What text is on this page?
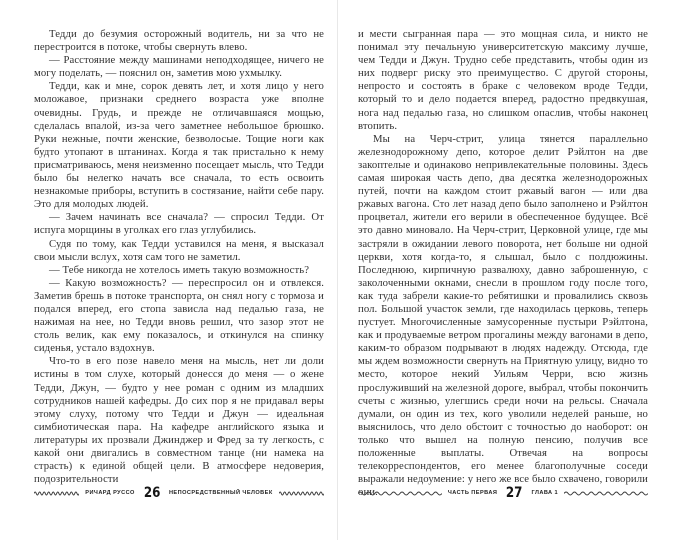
Тедди до безумия осторожный водитель, ни за что не перестроится в потоке, чтобы свернуть влево.

— Расстояние между машинами неподходящее, ничего не могу поделать, — пояснил он, заметив мою ухмылку.

Тедди, как и мне, сорок девять лет, и хотя лицо у него моложавое, признаки среднего возраста уже вполне очевидны. Грудь, и прежде не отличавшаяся мощью, сделалась впалой, из-за чего заметнее небольшое брюшко. Руки нежные, почти женские, безволосые. Тощие ноги как будто утопают в штанинах. Когда я так пристально к нему присматриваюсь, меня неизменно посещает мысль, что Тедди было бы нелегко начать все сначала, то есть освоить незнакомые приборы, вступить в состязание, найти себе пару. Это для молодых людей.

— Зачем начинать все сначала? — спросил Тедди. От испуга морщины в уголках его глаз углубились.

Судя по тому, как Тедди уставился на меня, я высказал свои мысли вслух, хотя сам того не заметил.

— Тебе никогда не хотелось иметь такую возможность?

— Какую возможность? — переспросил он и отвлекся. Заметив брешь в потоке транспорта, он снял ногу с тормоза и подался вперед, его стопа зависла над педалью газа, не нажимая на нее, но Тедди вновь решил, что зазор этот не столь велик, как ему показалось, и откинулся на спинку сиденья, устало вздохнув.

Что-то в его позе навело меня на мысль, нет ли доли истины в том слухе, который донесся до меня — о жене Тедди, Джун, — будто у нее роман с одним из младших сотрудников нашей кафедры. До сих пор я не придавал веры этому слуху, потому что Тедди и Джун — идеальная симбиотическая пара. На кафедре английского языка и литературы их прозвали Джинджер и Фред за ту легкость, с какой они двигались в совместном танце (ни намека на страсть) к единой общей цели. В атмосфере недоверия, подозрительности

РИЧАРД РУССО 26 НЕПОСРЕДСТВЕННЫЙ ЧЕЛОВЕК

и мести сыгранная пара — это мощная сила, и никто не понимал эту печальную университетскую максиму лучше, чем Тедди и Джун. Трудно себе представить, чтобы один из них подверг риску это преимущество. С другой стороны, непросто и состоять в браке с человеком вроде Тедди, который то и дело подается вперед, радостно предвкушая, нога над педалью газа, но слишком опаслив, чтобы наконец втопить.

Мы на Черч-стрит, улица тянется параллельно железнодорожному депо, которое делит Рэйлтон на две закоптелые и одинаково непривлекательные половины. Здесь самая широкая часть депо, два десятка железнодорожных путей, почти на каждом стоит ржавый вагон — или два ржавых вагона. Сто лет назад депо было заполнено и Рэйлтон процветал, жители его верили в обеспеченное будущее. Всё это давно миновало. На Черч-стрит, Церковной улице, где мы застряли в ожидании левого поворота, нет больше ни одной церкви, хотя когда-то, я слышал, было с полдюжины. Последнюю, кирпичную развалюху, давно заброшенную, с заколоченными окнами, снесли в прошлом году после того, как туда забрели какие-то ребятишки и провалились сквозь пол. Большой участок земли, где находилась церковь, теперь пустует. Многочисленные замусоренные пустыри Рэйлтона, как и продуваемые ветром прогалины между вагонами в депо, каким-то образом подрывают в людях надежду. Отсюда, где мы ждем возможности свернуть на Приятную улицу, видно то место, которое некий Уильям Черри, всю жизнь прослуживший на железной дороге, выбрал, чтобы покончить счеты с жизнью, улегшись среди ночи на рельсы. Сначала думали, он один из тех, кого уволили неделей раньше, но выяснилось, что дело обстоит с точностью до наоборот: он только что вышел на полную пенсию, получив все положенные выплаты. Отвечая на вопросы телекорреспондентов, его менее благополучные соседи выражали недоумение: у него же все было схвачено, говорили они.	ЧАСТЬ ПЕРВАЯ 27 ГЛАВА 1
